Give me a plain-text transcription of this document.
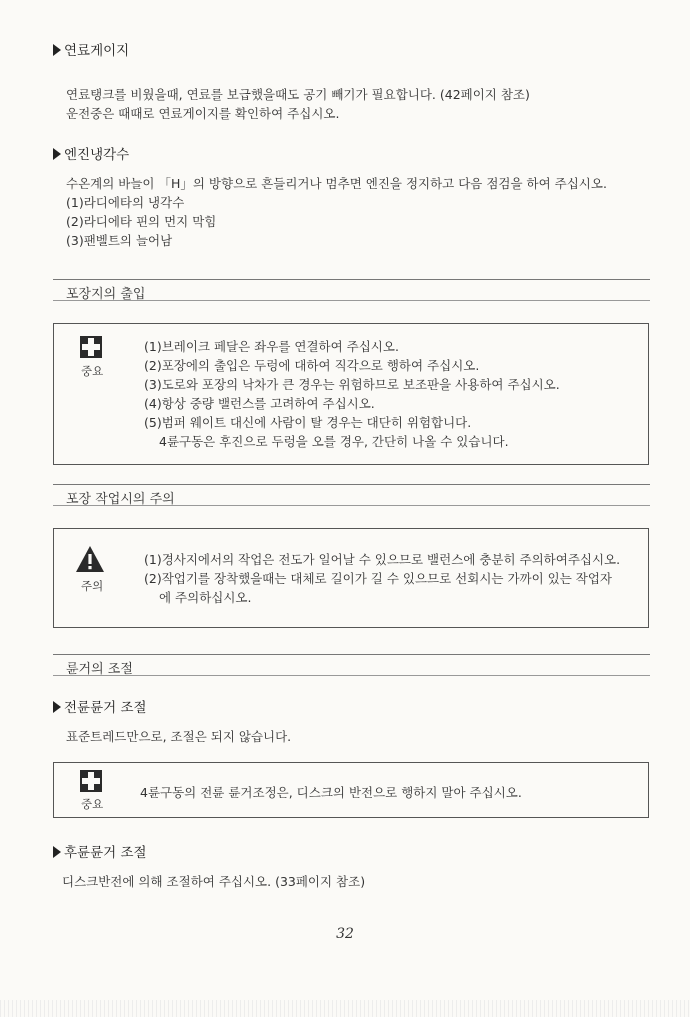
연료게이지
연료탱크를 비웠을때, 연료를 보급했을때도 공기 빼기가 필요합니다. (42페이지 참조)
운전중은 때때로 연료게이지를 확인하여 주십시오.
엔진냉각수
수온계의 바늘이 「H」의 방향으로 흔들리거나 멈추면 엔진을 정지하고 다음 점검을 하여 주십시오.
(1)라디에타의 냉각수
(2)라디에타 핀의 먼지 막힘
(3)팬벨트의 늘어남
포장지의 출입
중요
(1)브레이크 페달은 좌우를 연결하여 주십시오.
(2)포장에의 출입은 두렁에 대하여 직각으로 행하여 주십시오.
(3)도로와 포장의 낙차가 큰 경우는 위험하므로 보조판을 사용하여 주십시오.
(4)항상 중량 밸런스를 고려하여 주십시오.
(5)범퍼 웨이트 대신에 사람이 탈 경우는 대단히 위험합니다.
4륜구동은 후진으로 두렁을 오를 경우, 간단히 나올 수 있습니다.
포장 작업시의 주의
주의
(1)경사지에서의 작업은 전도가 일어날 수 있으므로 밸런스에 충분히 주의하여주십시오.
(2)작업기를 장착했을때는 대체로 길이가 길 수 있으므로 선회시는 가까이 있는 작업자
에 주의하십시오.
륜거의 조절
전륜륜거 조절
표준트레드만으로, 조절은 되지 않습니다.
중요
4륜구동의 전륜 륜거조정은, 디스크의 반전으로 행하지 말아 주십시오.
후륜륜거 조절
디스크반전에 의해 조절하여 주십시오. (33페이지 참조)
32
